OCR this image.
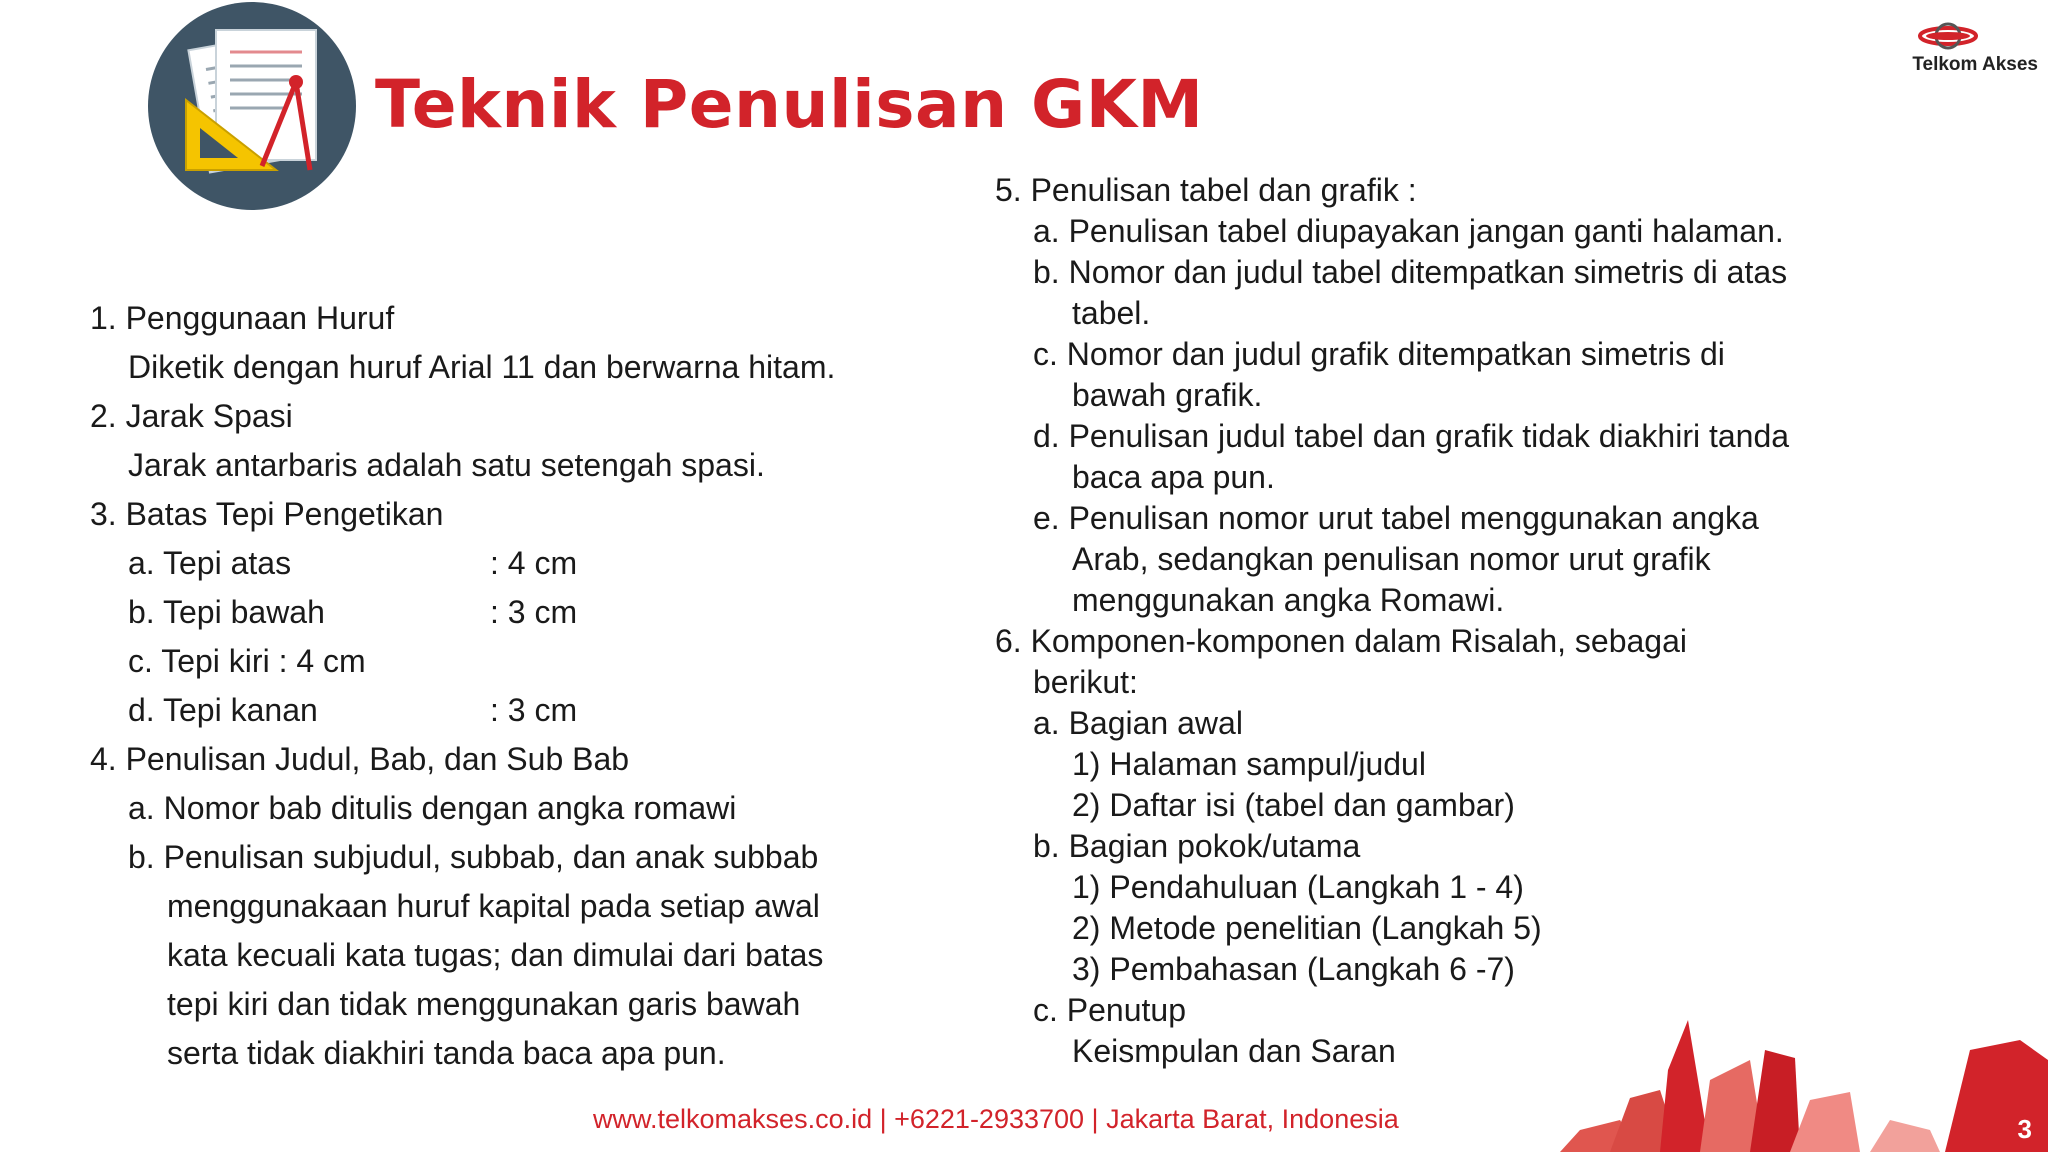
Teknik Penulisan GKM
Telkom Akses
1. Penggunaan Huruf
Diketik dengan huruf Arial 11 dan berwarna hitam.
2. Jarak Spasi
Jarak antarbaris adalah satu setengah spasi.
3. Batas Tepi Pengetikan
a. Tepi atas	: 4 cm
b. Tepi bawah	: 3 cm
c. Tepi kiri : 4 cm
d. Tepi kanan	: 3 cm
4. Penulisan Judul, Bab, dan Sub Bab
a. Nomor bab ditulis dengan angka romawi
b. Penulisan subjudul, subbab, dan anak subbab
menggunakaan huruf kapital pada setiap awal
kata kecuali kata tugas; dan dimulai dari batas
tepi kiri dan tidak menggunakan garis bawah
serta tidak diakhiri tanda baca apa pun.
5. Penulisan tabel dan grafik :
a. Penulisan tabel diupayakan jangan ganti halaman.
b. Nomor dan judul tabel ditempatkan simetris di atas
tabel.
c. Nomor dan judul grafik ditempatkan simetris di
bawah grafik.
d. Penulisan judul tabel dan grafik tidak diakhiri tanda
baca apa pun.
e. Penulisan nomor urut tabel menggunakan angka
Arab, sedangkan penulisan nomor urut grafik
menggunakan angka Romawi.
6. Komponen-komponen dalam Risalah, sebagai
berikut:
a. Bagian awal
1) Halaman sampul/judul
2) Daftar isi (tabel dan gambar)
b. Bagian pokok/utama
1) Pendahuluan (Langkah 1 - 4)
2) Metode penelitian (Langkah 5)
3) Pembahasan (Langkah 6 -7)
c. Penutup
Keismpulan dan Saran
www.telkomakses.co.id | +6221-2933700 | Jakarta Barat, Indonesia	3
